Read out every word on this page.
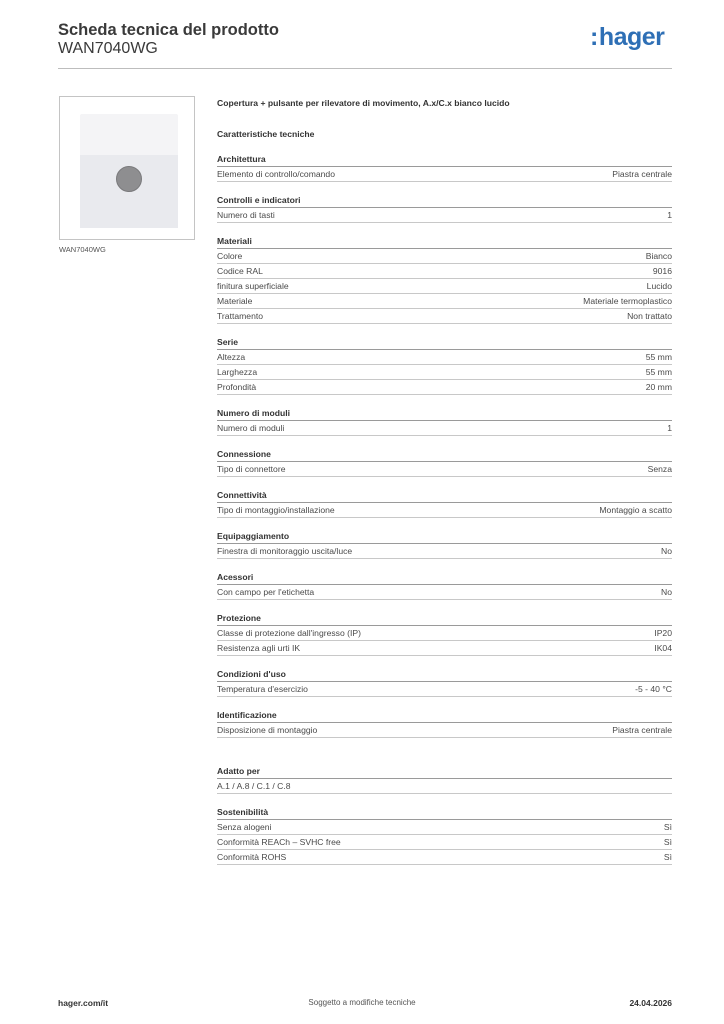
Scheda tecnica del prodotto
WAN7040WG	:hager
WAN7040WG
Copertura + pulsante per rilevatore di movimento, A.x/C.x bianco lucido
Caratteristiche tecniche
Architettura
Elemento di controllo/comando	Piastra centrale
Controlli e indicatori
Numero di tasti	1
Materiali
Colore	Bianco
Codice RAL	9016
finitura superficiale	Lucido
Materiale	Materiale termoplastico
Trattamento	Non trattato
Serie
Altezza	55 mm
Larghezza	55 mm
Profondità	20 mm
Numero di moduli
Numero di moduli	1
Connessione
Tipo di connettore	Senza
Connettività
Tipo di montaggio/installazione	Montaggio a scatto
Equipaggiamento
Finestra di monitoraggio uscita/luce	No
Acessori
Con campo per l'etichetta	No
Protezione
Classe di protezione dall'ingresso (IP)	IP20
Resistenza agli urti IK	IK04
Condizioni d'uso
Temperatura d'esercizio	-5 - 40 °C
Identificazione
Disposizione di montaggio	Piastra centrale
Adatto per
A.1 / A.8 / C.1 / C.8
Sostenibilità
Senza alogeni	Sì
Conformità REACh – SVHC free	Sì
Conformità ROHS	Sì
hager.com/it	Soggetto a modifiche tecniche	24.04.2026
